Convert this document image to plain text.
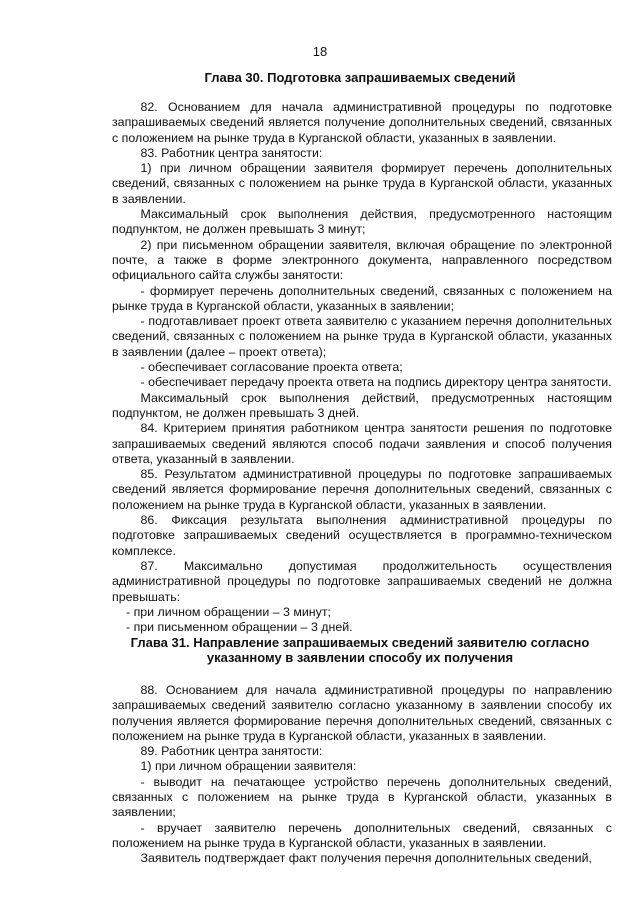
18
Глава 30. Подготовка запрашиваемых сведений

82. Основанием для начала административной процедуры по подготовке запрашиваемых сведений является получение дополнительных сведений, связанных с положением на рынке труда в Курганской области, указанных в заявлении.

83. Работник центра занятости:

1) при личном обращении заявителя формирует перечень дополнительных сведений, связанных с положением на рынке труда в Курганской области, указанных в заявлении.

Максимальный срок выполнения действия, предусмотренного настоящим подпунктом, не должен превышать 3 минут;

2) при письменном обращении заявителя, включая обращение по электронной почте, а также в форме электронного документа, направленного посредством официального сайта службы занятости:

- формирует перечень дополнительных сведений, связанных с положением на рынке труда в Курганской области, указанных в заявлении;

- подготавливает проект ответа заявителю с указанием перечня дополнительных сведений, связанных с положением на рынке труда в Курганской области, указанных в заявлении (далее – проект ответа);

- обеспечивает согласование проекта ответа;

- обеспечивает передачу проекта ответа на подпись директору центра занятости.

Максимальный срок выполнения действий, предусмотренных настоящим подпунктом, не должен превышать 3 дней.

84. Критерием принятия работником центра занятости решения по подготовке запрашиваемых сведений являются способ подачи заявления и способ получения ответа, указанный в заявлении.

85. Результатом административной процедуры по подготовке запрашиваемых сведений является формирование перечня дополнительных сведений, связанных с положением на рынке труда в Курганской области, указанных в заявлении.

86. Фиксация результата выполнения административной процедуры по подготовке запрашиваемых сведений осуществляется в программно-техническом комплексе.

87. Максимально допустимая продолжительность осуществления административной процедуры по подготовке запрашиваемых сведений не должна превышать:

- при личном обращении – 3 минут;

- при письменном обращении – 3 дней.

Глава 31. Направление запрашиваемых сведений заявителю согласно
указанному в заявлении способу их получения

88. Основанием для начала административной процедуры по направлению запрашиваемых сведений заявителю согласно указанному в заявлении способу их получения является формирование перечня дополнительных сведений, связанных с положением на рынке труда в Курганской области, указанных в заявлении.

89. Работник центра занятости:

1) при личном обращении заявителя:

- выводит на печатающее устройство перечень дополнительных сведений, связанных с положением на рынке труда в Курганской области, указанных в заявлении;

- вручает заявителю перечень дополнительных сведений, связанных с положением на рынке труда в Курганской области, указанных в заявлении.

Заявитель подтверждает факт получения перечня дополнительных сведений,
